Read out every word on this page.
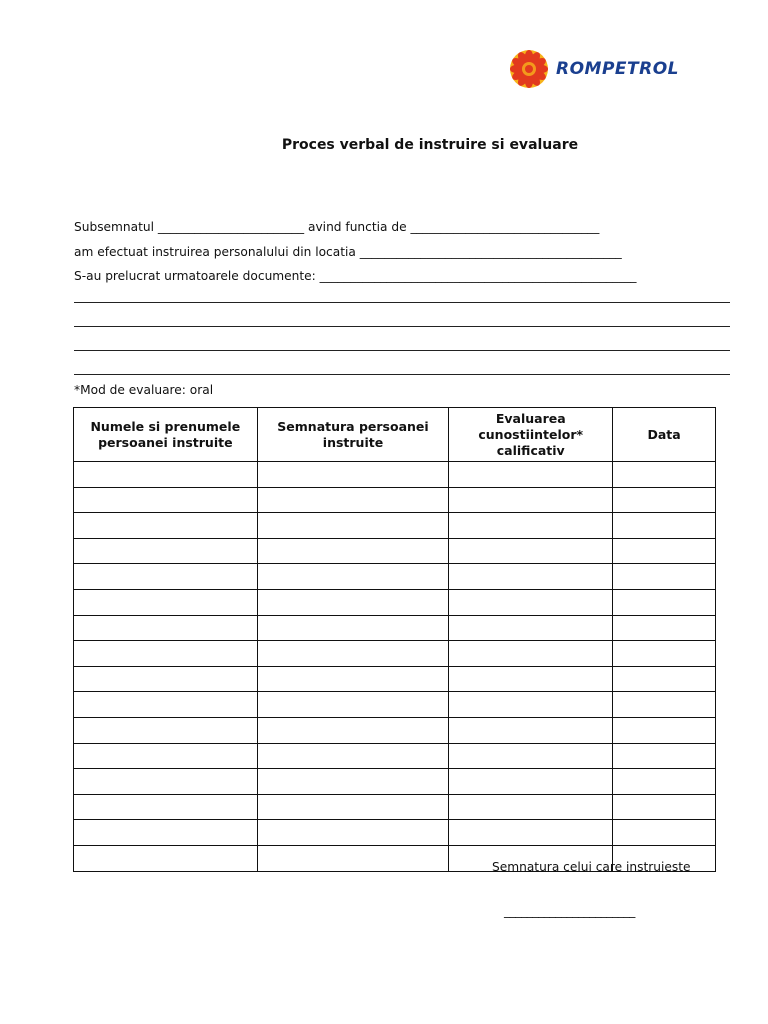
ROMPETROL
Proces verbal de instruire si evaluare
Subsemnatul ________________________ avind functia de _______________________________
am efectuat instruirea personalului din locatia ___________________________________________
S-au prelucrat urmatoarele documente: ____________________________________________________
*Mod de evaluare: oral
Numele si prenumele persoanei instruite	Semnatura persoanei instruite	Evaluarea cunostiintelor* calificativ	Data

Semnatura celui care instruieste
_______________________
